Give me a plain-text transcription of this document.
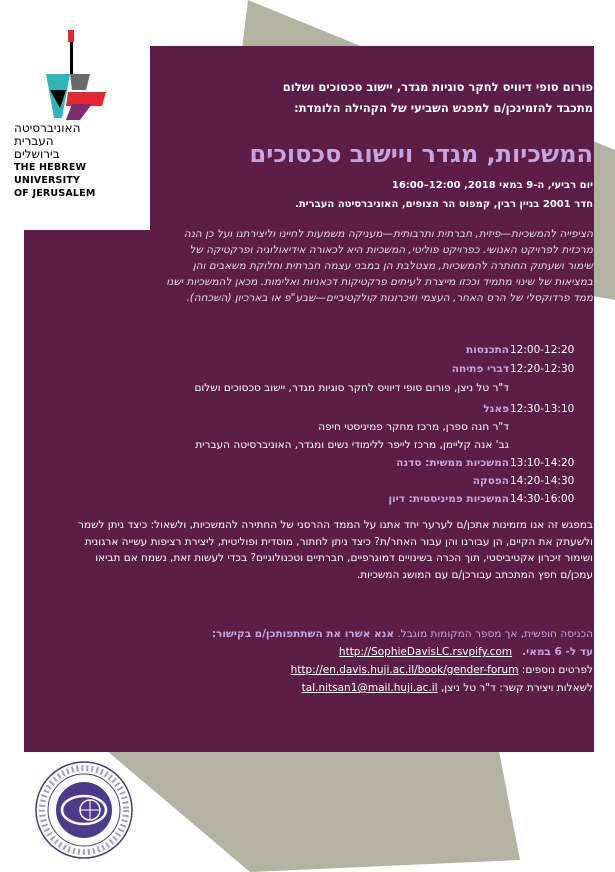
האוניברסיטה
העברית
בירושלים
THE HEBREW
UNIVERSITY
OF JERUSALEM
פורום סופי דיוויס לחקר סוגיות מגדר, יישוב סכסוכים ושלום
מתכבד להזמינכן/ם למפגש השביעי של הקהילה הלומדת:
המשכיות, מגדר ויישוב סכסוכים
יום רביעי, ה-9 במאי 2018, 12:00–16:00
חדר 2001 בניין רבין, קמפוס הר הצופים, האוניברסיטה העברית.
הציפייה להמשכיות—פיזית, חברתית ותרבותית—מעניקה משמעות לחיינו וליצירתנו ועל כן הנה מרכזית לפרויקט האנושי. כפרויקט פוליטי, המשכיות היא לכאורה אידיאולוגיה ופרקטיקה של שימור ושעתוק החותרה להמשכיות, מצטלבת הן במבני עצמה חברתית וחלוקת משאבים והן במציאות של שינוי מתמיד וככזו מייצרת לעיתים פרקטיקות דכאניות ואלימות. מכאן להמשכיות ישנו ממד פרדוקסלי של הרס האחר, העצמי וזיכרונות קולקטיביים—שבע"פ או בארכיון (השכחה).
התכנסות 12:00-12:20
דברי פתיחה 12:20-12:30
ד"ר טל ניצן, פורום סופי דיוויס לחקר סוגיות מגדר, יישוב סכסוכים ושלום
פאנל 12:30-13:10
ד"ר חנה ספרן, מרכז מחקר פמיניסטי חיפה
גב' אנה קליימן, מרכז לייפר ללימודי נשים ומגדר, האוניברסיטה העברית
המשכיות ממשית: סדנה 13:10-14:20
הפסקה 14:20-14:30
המשכיות פמיניסטית: דיון 14:30-16:00
במפגש זה אנו מזמינות אתכן/ם לערער יחד אתנו על הממד ההרסני של החתירה להמשכיות, ולשאול: כיצד ניתן לשמר ולשעתק את הקיים, הן עבורנו והן עבור האחר/ת? כיצד ניתן לחתור, מוסדית ופוליטית, ליצירת רציפות עשייה ארגונית ושימור זיכרון אקטיביסטי, תוך הכרה בשינויים דמוגרפיים, חברתיים וטכנולוגיים? בכדי לעשות זאת, נשמח אם תביאו עמכן/ם חפץ המתכתב עבורכן/ם עם המושג המשכיות.
הכניסה חופשית, אך מספר המקומות מוגבל. אנא אשרו את השתתפותכן/ם בקישור:
עד ל- 6 במאי.   http://SophieDavisLC.rsvpify.com
לפרטים נוספים: http://en.davis.huji.ac.il/book/gender-forum
לשאלות ויצירת קשר: ד"ר טל ניצן, tal.nitsan1@mail.huji.ac.il
